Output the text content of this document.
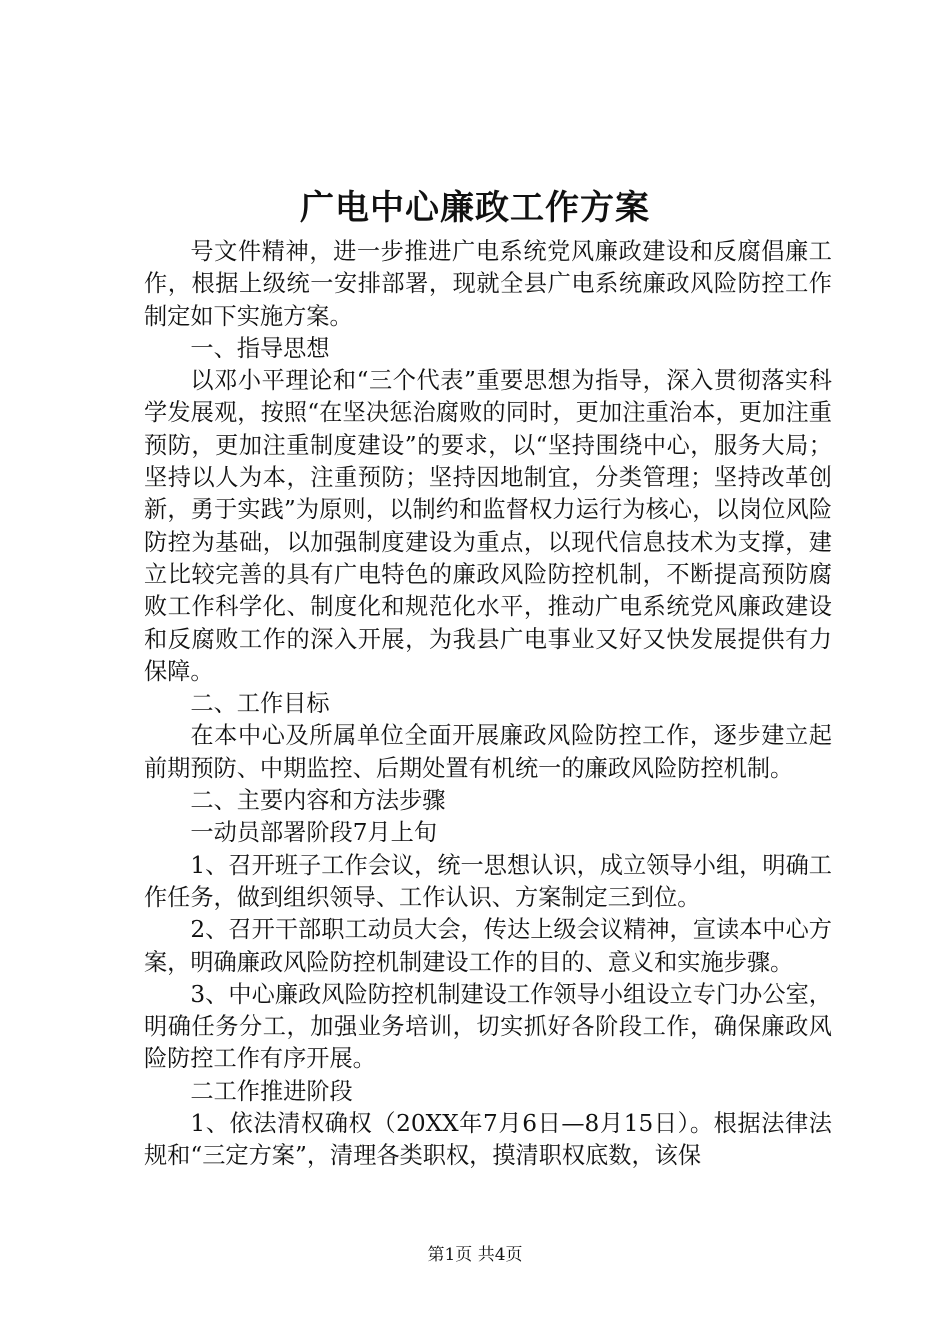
广电中心廉政工作方案

号文件精神，进一步推进广电系统党风廉政建设和反腐倡廉工作，根据上级统一安排部署，现就全县广电系统廉政风险防控工作制定如下实施方案。

一、指导思想

以邓小平理论和“三个代表”重要思想为指导，深入贯彻落实科学发展观，按照“在坚决惩治腐败的同时，更加注重治本，更加注重预防，更加注重制度建设”的要求，以“坚持围绕中心，服务大局；坚持以人为本，注重预防；坚持因地制宜，分类管理；坚持改革创新，勇于实践”为原则，以制约和监督权力运行为核心，以岗位风险防控为基础，以加强制度建设为重点，以现代信息技术为支撑，建立比较完善的具有广电特色的廉政风险防控机制，不断提高预防腐败工作科学化、制度化和规范化水平，推动广电系统党风廉政建设和反腐败工作的深入开展，为我县广电事业又好又快发展提供有力保障。

二、工作目标

在本中心及所属单位全面开展廉政风险防控工作，逐步建立起前期预防、中期监控、后期处置有机统一的廉政风险防控机制。

二、主要内容和方法步骤

一动员部署阶段7月上旬

1、召开班子工作会议，统一思想认识，成立领导小组，明确工作任务，做到组织领导、工作认识、方案制定三到位。

2、召开干部职工动员大会，传达上级会议精神，宣读本中心方案，明确廉政风险防控机制建设工作的目的、意义和实施步骤。

3、中心廉政风险防控机制建设工作领导小组设立专门办公室，明确任务分工，加强业务培训，切实抓好各阶段工作，确保廉政风险防控工作有序开展。

二工作推进阶段

1、依法清权确权（20XX年7月6日—8月15日）。根据法律法规和“三定方案”，清理各类职权，摸清职权底数，该保

第1页 共4页
